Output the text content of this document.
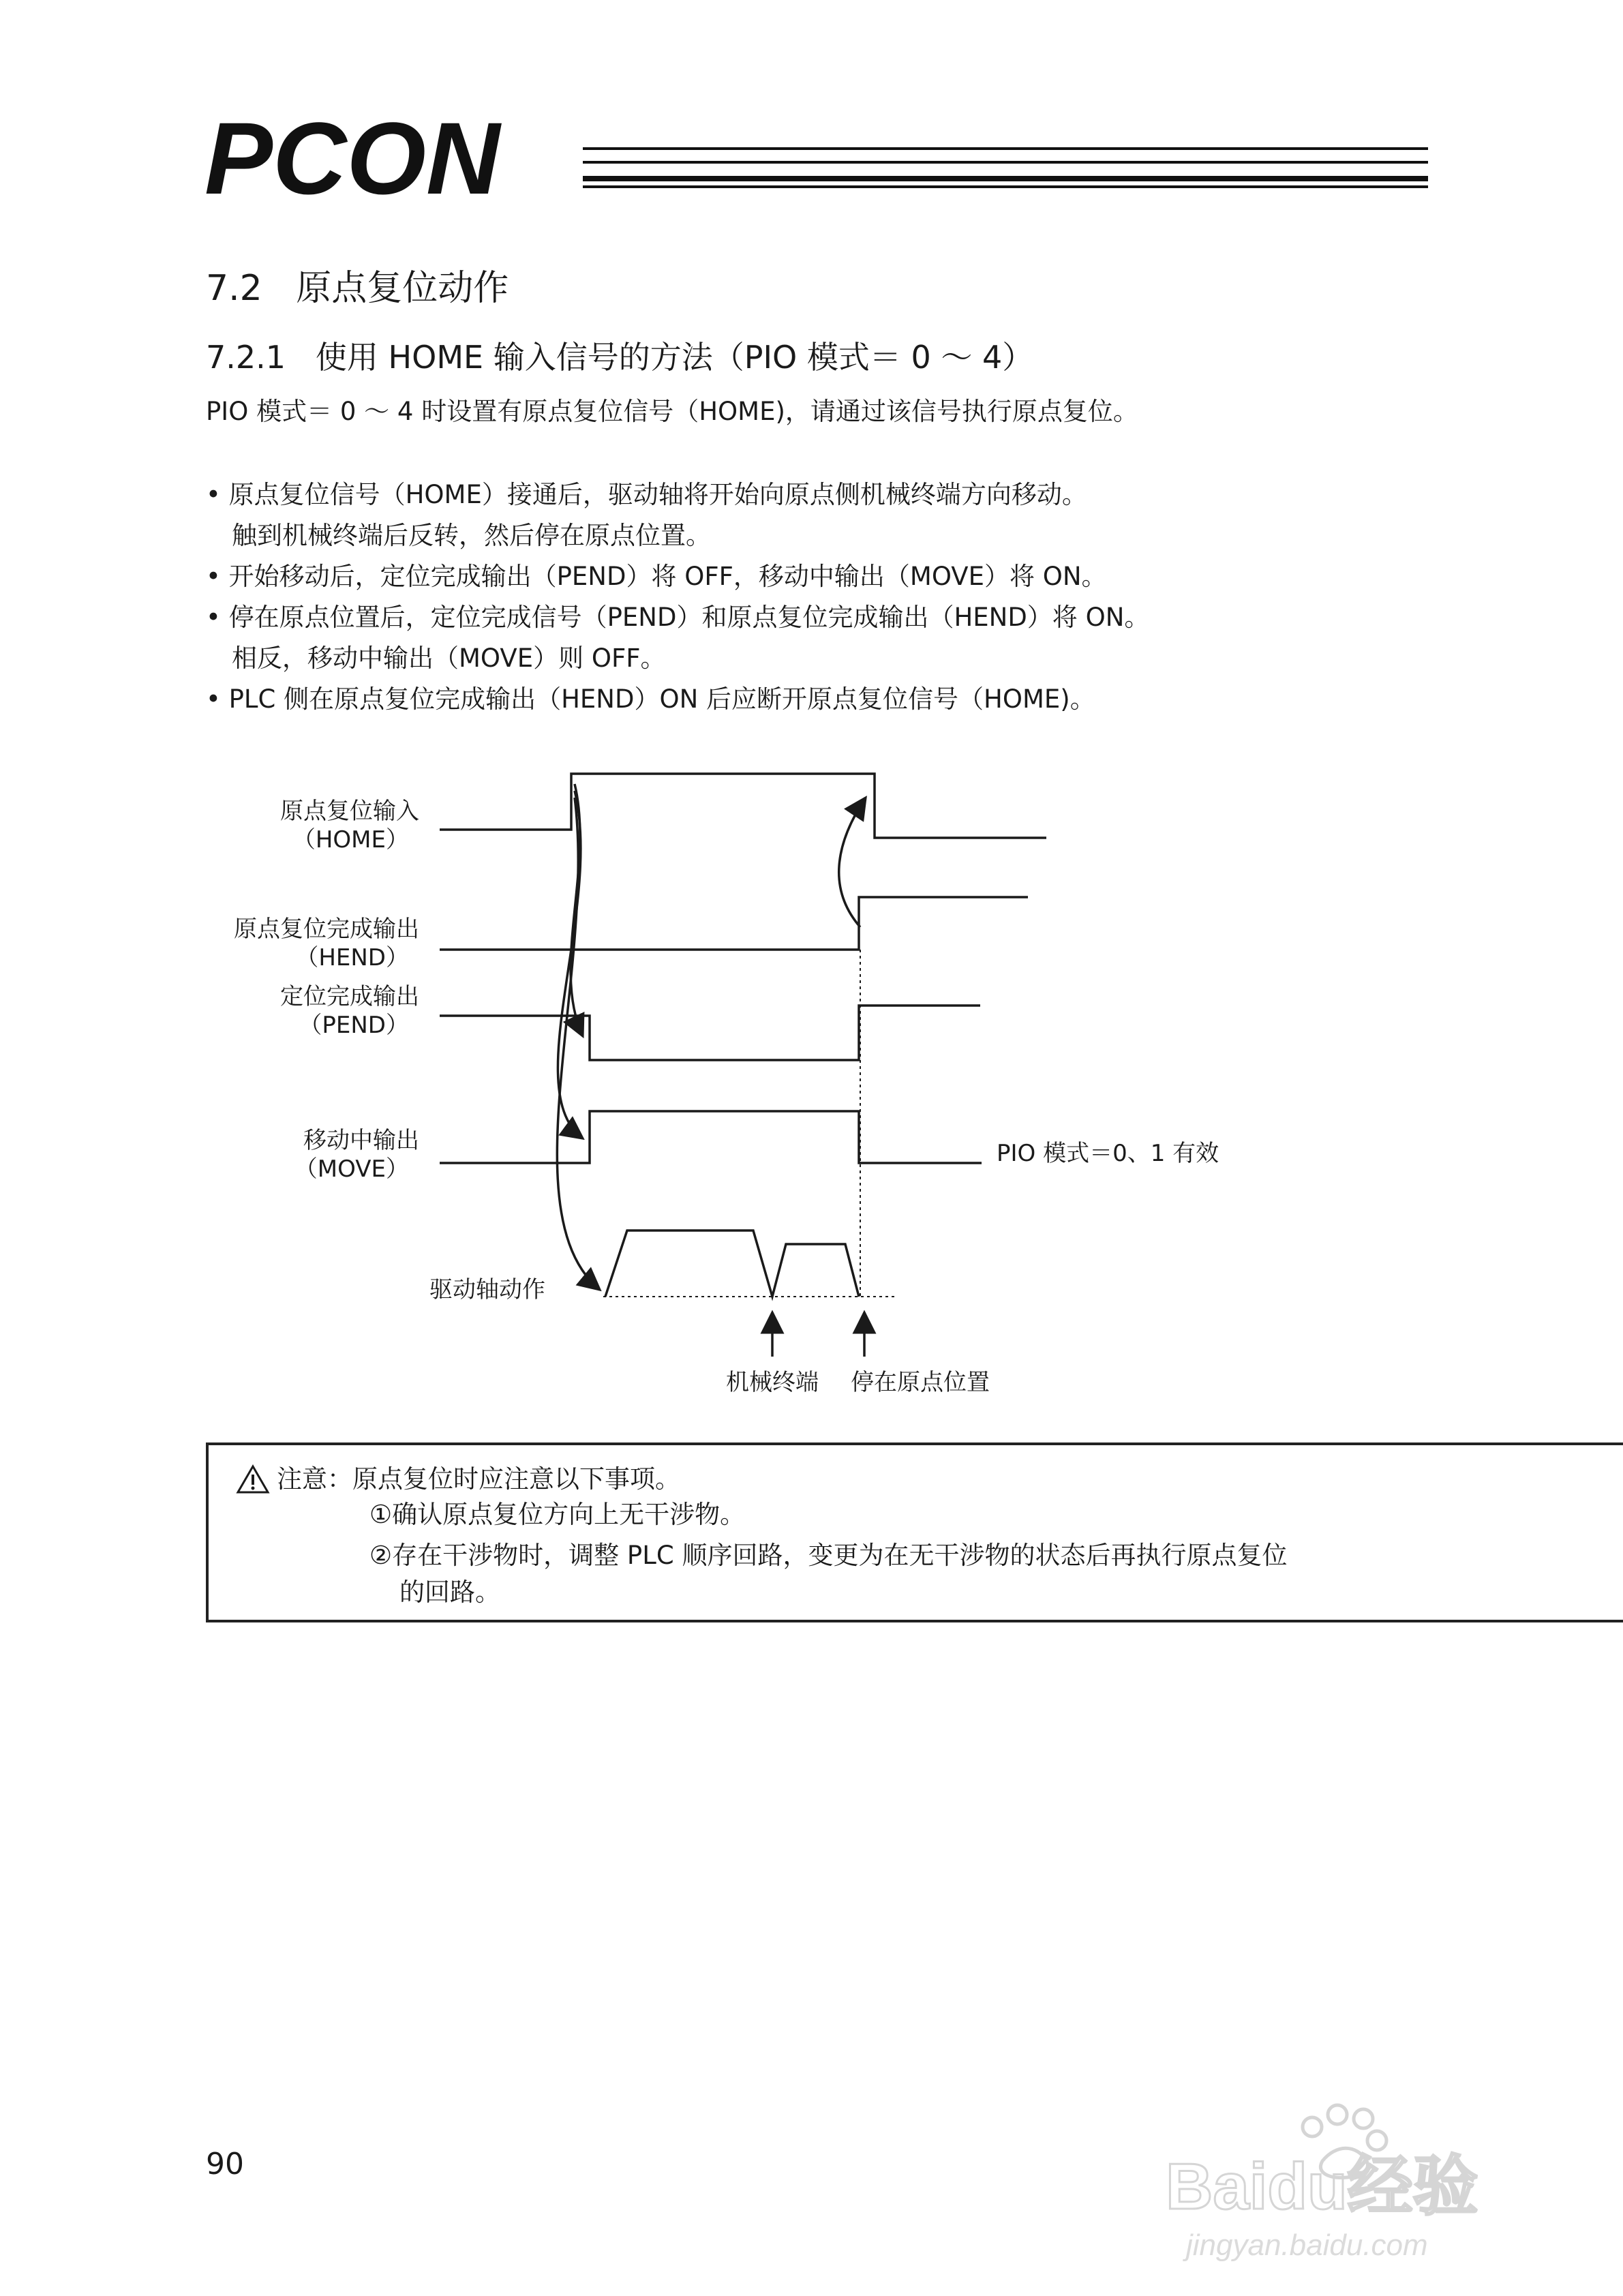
PCON
7.2 原点复位动作
7.2.1 使用 HOME 输入信号的方法（PIO 模式＝ 0 ～ 4）
PIO 模式＝ 0 ～ 4 时设置有原点复位信号（HOME)，请通过该信号执行原点复位。
• 原点复位信号（HOME）接通后，驱动轴将开始向原点侧机械终端方向移动。
触到机械终端后反转，然后停在原点位置。
• 开始移动后，定位完成输出（PEND）将 OFF，移动中输出（MOVE）将 ON。
• 停在原点位置后，定位完成信号（PEND）和原点复位完成输出（HEND）将 ON。
相反，移动中输出（MOVE）则 OFF。
• PLC 侧在原点复位完成输出（HEND）ON 后应断开原点复位信号（HOME)。
原点复位输入
（HOME）
原点复位完成输出
（HEND）
定位完成输出
（PEND）
移动中输出
（MOVE）
驱动轴动作
PIO 模式＝0、1 有效
机械终端 停在原点位置
注意：原点复位时应注意以下事项。
①确认原点复位方向上无干涉物。
②存在干涉物时，调整 PLC 顺序回路，变更为在无干涉物的状态后再执行原点复位
的回路。
90	Baidu经验
jingyan.baidu.com
